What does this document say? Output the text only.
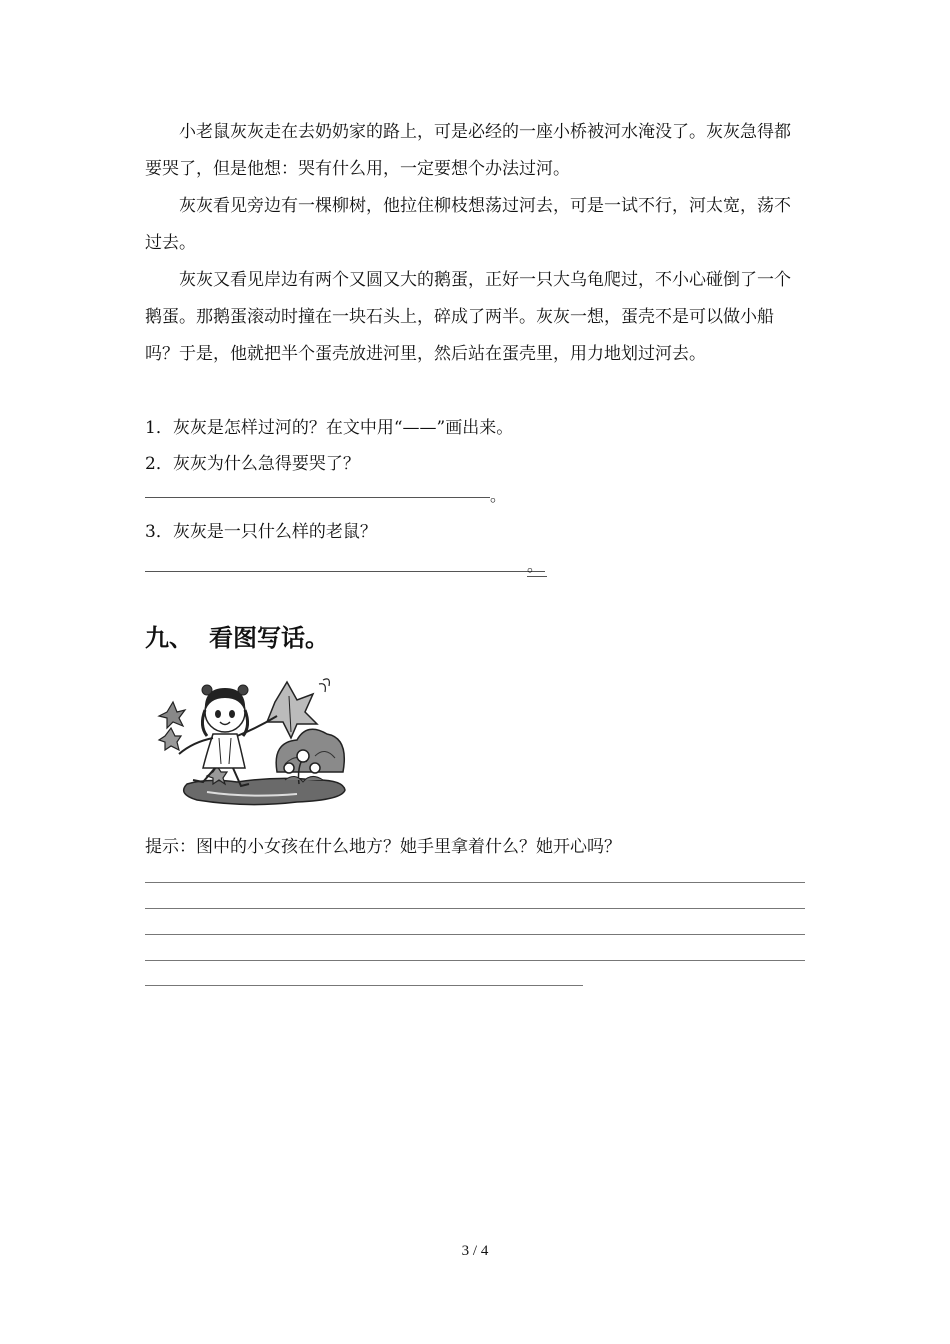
小老鼠灰灰走在去奶奶家的路上，可是必经的一座小桥被河水淹没了。灰灰急得都要哭了，但是他想：哭有什么用，一定要想个办法过河。

灰灰看见旁边有一棵柳树，他拉住柳枝想荡过河去，可是一试不行，河太宽，荡不过去。

灰灰又看见岸边有两个又圆又大的鹅蛋，正好一只大乌龟爬过，不小心碰倒了一个鹅蛋。那鹅蛋滚动时撞在一块石头上，碎成了两半。灰灰一想，蛋壳不是可以做小船吗？于是，他就把半个蛋壳放进河里，然后站在蛋壳里，用力地划过河去。

1．灰灰是怎样过河的？在文中用“——”画出来。

2．灰灰为什么急得要哭了？

。

3．灰灰是一只什么样的老鼠？

。
九、 看图写话。

提示：图中的小女孩在什么地方？她手里拿着什么？她开心吗？

3 / 4
